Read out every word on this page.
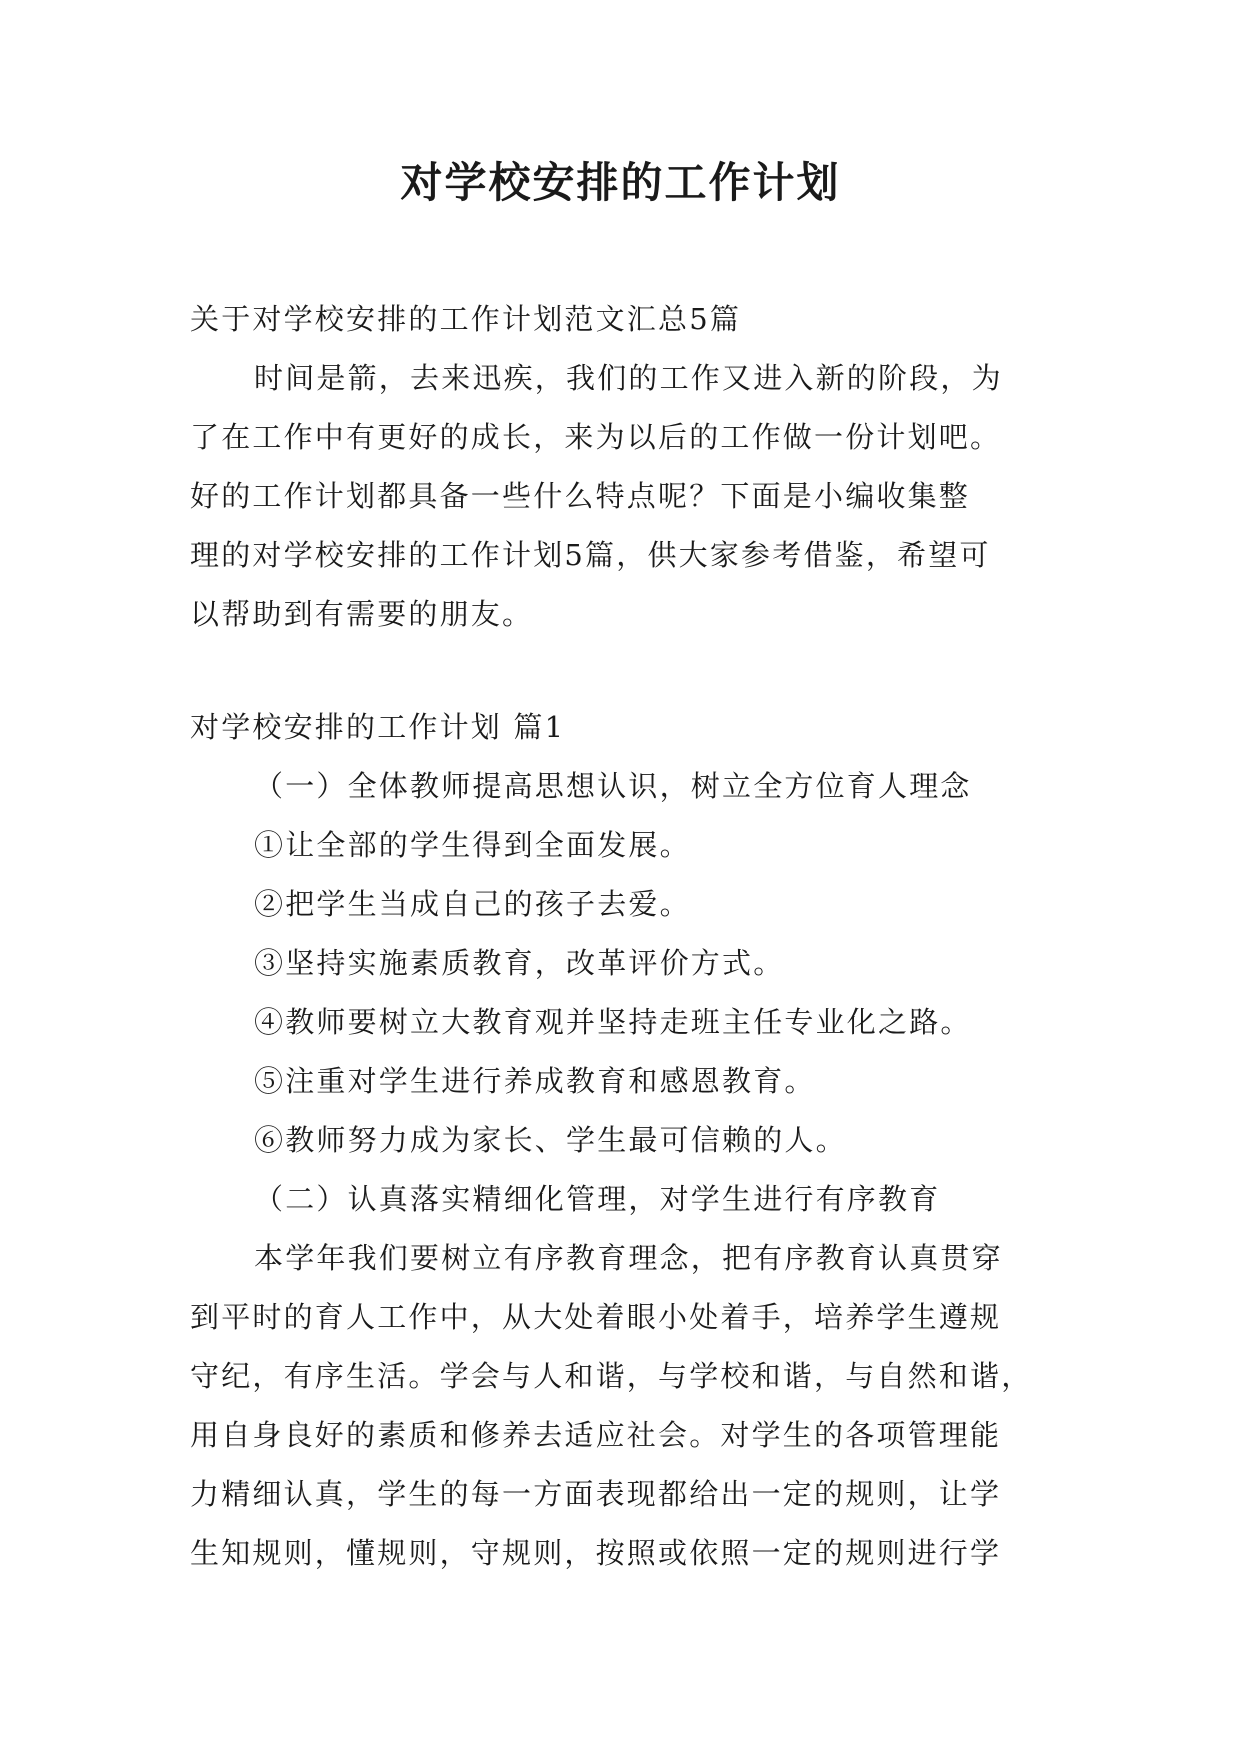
对学校安排的工作计划
关于对学校安排的工作计划范文汇总5篇
时间是箭，去来迅疾，我们的工作又进入新的阶段，为
了在工作中有更好的成长，来为以后的工作做一份计划吧。
好的工作计划都具备一些什么特点呢？下面是小编收集整
理的对学校安排的工作计划5篇，供大家参考借鉴，希望可
以帮助到有需要的朋友。
对学校安排的工作计划 篇1
（一）全体教师提高思想认识，树立全方位育人理念
①让全部的学生得到全面发展。
②把学生当成自己的孩子去爱。
③坚持实施素质教育，改革评价方式。
④教师要树立大教育观并坚持走班主任专业化之路。
⑤注重对学生进行养成教育和感恩教育。
⑥教师努力成为家长、学生最可信赖的人。
（二）认真落实精细化管理，对学生进行有序教育
本学年我们要树立有序教育理念，把有序教育认真贯穿
到平时的育人工作中，从大处着眼小处着手，培养学生遵规
守纪，有序生活。学会与人和谐，与学校和谐，与自然和谐，
用自身良好的素质和修养去适应社会。对学生的各项管理能
力精细认真，学生的每一方面表现都给出一定的规则，让学
生知规则，懂规则，守规则，按照或依照一定的规则进行学
